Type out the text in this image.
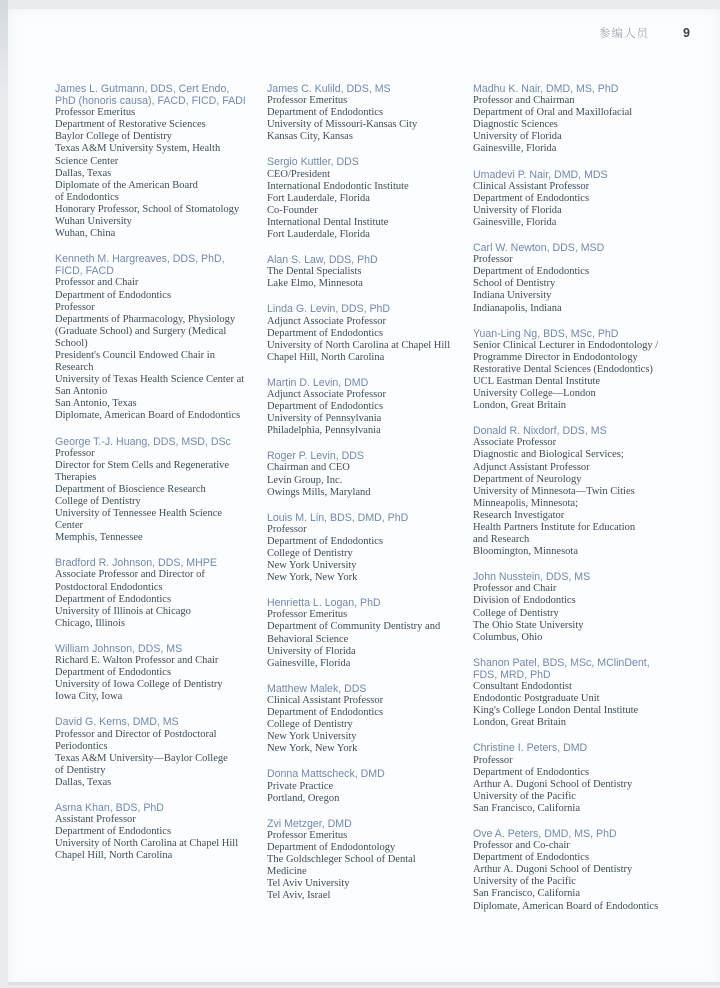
参编人员	9
James L. Gutmann, DDS, Cert Endo,
PhD (honoris causa), FACD, FICD, FADI
Professor Emeritus
Department of Restorative Sciences
Baylor College of Dentistry
Texas A&M University System, Health
Science Center
Dallas, Texas
Diplomate of the American Board
of Endodontics
Honorary Professor, School of Stomatology
Wuhan University
Wuhan, China
Kenneth M. Hargreaves, DDS, PhD,
FICD, FACD
Professor and Chair
Department of Endodontics
Professor
Departments of Pharmacology, Physiology
(Graduate School) and Surgery (Medical
School)
President's Council Endowed Chair in
Research
University of Texas Health Science Center at
San Antonio
San Antonio, Texas
Diplomate, American Board of Endodontics
George T.-J. Huang, DDS, MSD, DSc
Professor
Director for Stem Cells and Regenerative
Therapies
Department of Bioscience Research
College of Dentistry
University of Tennessee Health Science
Center
Memphis, Tennessee
Bradford R. Johnson, DDS, MHPE
Associate Professor and Director of
Postdoctoral Endodontics
Department of Endodontics
University of Illinois at Chicago
Chicago, Illinois
William Johnson, DDS, MS
Richard E. Walton Professor and Chair
Department of Endodontics
University of Iowa College of Dentistry
Iowa City, Iowa
David G. Kerns, DMD, MS
Professor and Director of Postdoctoral
Periodontics
Texas A&M University—Baylor College
of Dentistry
Dallas, Texas
Asma Khan, BDS, PhD
Assistant Professor
Department of Endodontics
University of North Carolina at Chapel Hill
Chapel Hill, North Carolina
James C. Kulild, DDS, MS
Professor Emeritus
Department of Endodontics
University of Missouri-Kansas City
Kansas City, Kansas
Sergio Kuttler, DDS
CEO/President
International Endodontic Institute
Fort Lauderdale, Florida
Co-Founder
International Dental Institute
Fort Lauderdale, Florida
Alan S. Law, DDS, PhD
The Dental Specialists
Lake Elmo, Minnesota
Linda G. Levin, DDS, PhD
Adjunct Associate Professor
Department of Endodontics
University of North Carolina at Chapel Hill
Chapel Hill, North Carolina
Martin D. Levin, DMD
Adjunct Associate Professor
Department of Endodontics
University of Pennsylvania
Philadelphia, Pennsylvania
Roger P. Levin, DDS
Chairman and CEO
Levin Group, Inc.
Owings Mills, Maryland
Louis M. Lin, BDS, DMD, PhD
Professor
Department of Endodontics
College of Dentistry
New York University
New York, New York
Henrietta L. Logan, PhD
Professor Emeritus
Department of Community Dentistry and
Behavioral Science
University of Florida
Gainesville, Florida
Matthew Malek, DDS
Clinical Assistant Professor
Department of Endodontics
College of Dentistry
New York University
New York, New York
Donna Mattscheck, DMD
Private Practice
Portland, Oregon
Zvi Metzger, DMD
Professor Emeritus
Department of Endodontology
The Goldschleger School of Dental
Medicine
Tel Aviv University
Tel Aviv, Israel
Madhu K. Nair, DMD, MS, PhD
Professor and Chairman
Department of Oral and Maxillofacial
Diagnostic Sciences
University of Florida
Gainesville, Florida
Umadevi P. Nair, DMD, MDS
Clinical Assistant Professor
Department of Endodontics
University of Florida
Gainesville, Florida
Carl W. Newton, DDS, MSD
Professor
Department of Endodontics
School of Dentistry
Indiana University
Indianapolis, Indiana
Yuan-Ling Ng, BDS, MSc, PhD
Senior Clinical Lecturer in Endodontology /
Programme Director in Endodontology
Restorative Dental Sciences (Endodontics)
UCL Eastman Dental Institute
University College—London
London, Great Britain
Donald R. Nixdorf, DDS, MS
Associate Professor
Diagnostic and Biological Services;
Adjunct Assistant Professor
Department of Neurology
University of Minnesota—Twin Cities
Minneapolis, Minnesota;
Research Investigator
Health Partners Institute for Education
and Research
Bloomington, Minnesota
John Nusstein, DDS, MS
Professor and Chair
Division of Endodontics
College of Dentistry
The Ohio State University
Columbus, Ohio
Shanon Patel, BDS, MSc, MClinDent,
FDS, MRD, PhD
Consultant Endodontist
Endodontic Postgraduate Unit
King's College London Dental Institute
London, Great Britain
Christine I. Peters, DMD
Professor
Department of Endodontics
Arthur A. Dugoni School of Dentistry
University of the Pacific
San Francisco, California
Ove A. Peters, DMD, MS, PhD
Professor and Co-chair
Department of Endodontics
Arthur A. Dugoni School of Dentistry
University of the Pacific
San Francisco, California
Diplomate, American Board of Endodontics
